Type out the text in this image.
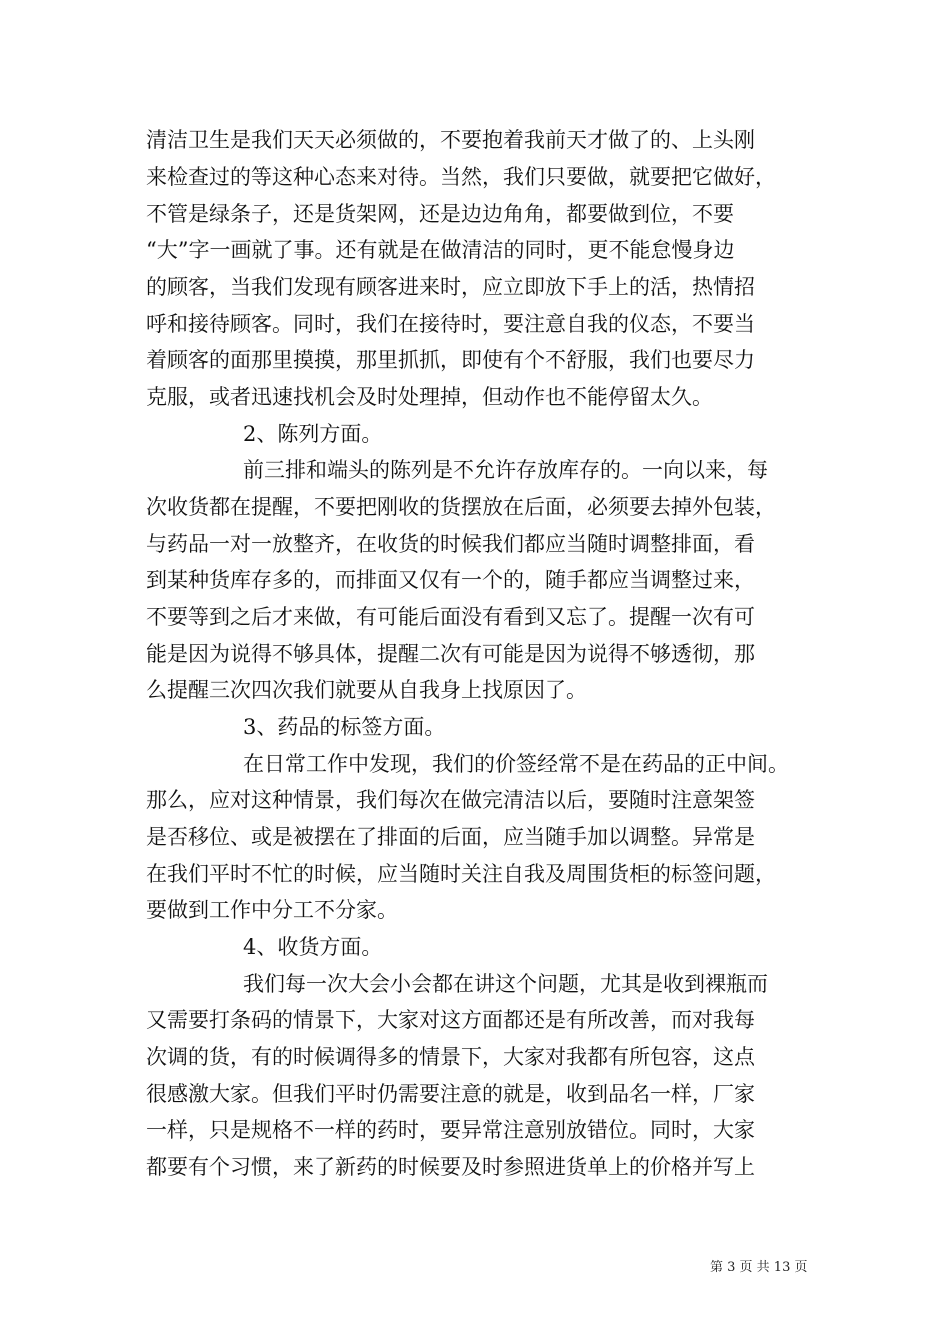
清洁卫生是我们天天必须做的，不要抱着我前天才做了的、上头刚
来检查过的等这种心态来对待。当然，我们只要做，就要把它做好，
不管是绿条子，还是货架网，还是边边角角，都要做到位，不要
“大”字一画就了事。还有就是在做清洁的同时，更不能怠慢身边
的顾客，当我们发现有顾客进来时，应立即放下手上的活，热情招
呼和接待顾客。同时，我们在接待时，要注意自我的仪态，不要当
着顾客的面那里摸摸，那里抓抓，即使有个不舒服，我们也要尽力
克服，或者迅速找机会及时处理掉，但动作也不能停留太久。
2、陈列方面。
前三排和端头的陈列是不允许存放库存的。一向以来，每
次收货都在提醒，不要把刚收的货摆放在后面，必须要去掉外包装，
与药品一对一放整齐，在收货的时候我们都应当随时调整排面，看
到某种货库存多的，而排面又仅有一个的，随手都应当调整过来，
不要等到之后才来做，有可能后面没有看到又忘了。提醒一次有可
能是因为说得不够具体，提醒二次有可能是因为说得不够透彻，那
么提醒三次四次我们就要从自我身上找原因了。
3、药品的标签方面。
在日常工作中发现，我们的价签经常不是在药品的正中间。
那么，应对这种情景，我们每次在做完清洁以后，要随时注意架签
是否移位、或是被摆在了排面的后面，应当随手加以调整。异常是
在我们平时不忙的时候，应当随时关注自我及周围货柜的标签问题，
要做到工作中分工不分家。
4、收货方面。
我们每一次大会小会都在讲这个问题，尤其是收到裸瓶而
又需要打条码的情景下，大家对这方面都还是有所改善，而对我每
次调的货，有的时候调得多的情景下，大家对我都有所包容，这点
很感激大家。但我们平时仍需要注意的就是，收到品名一样，厂家
一样，只是规格不一样的药时，要异常注意别放错位。同时，大家
都要有个习惯，来了新药的时候要及时参照进货单上的价格并写上
第 3 页 共 13 页
